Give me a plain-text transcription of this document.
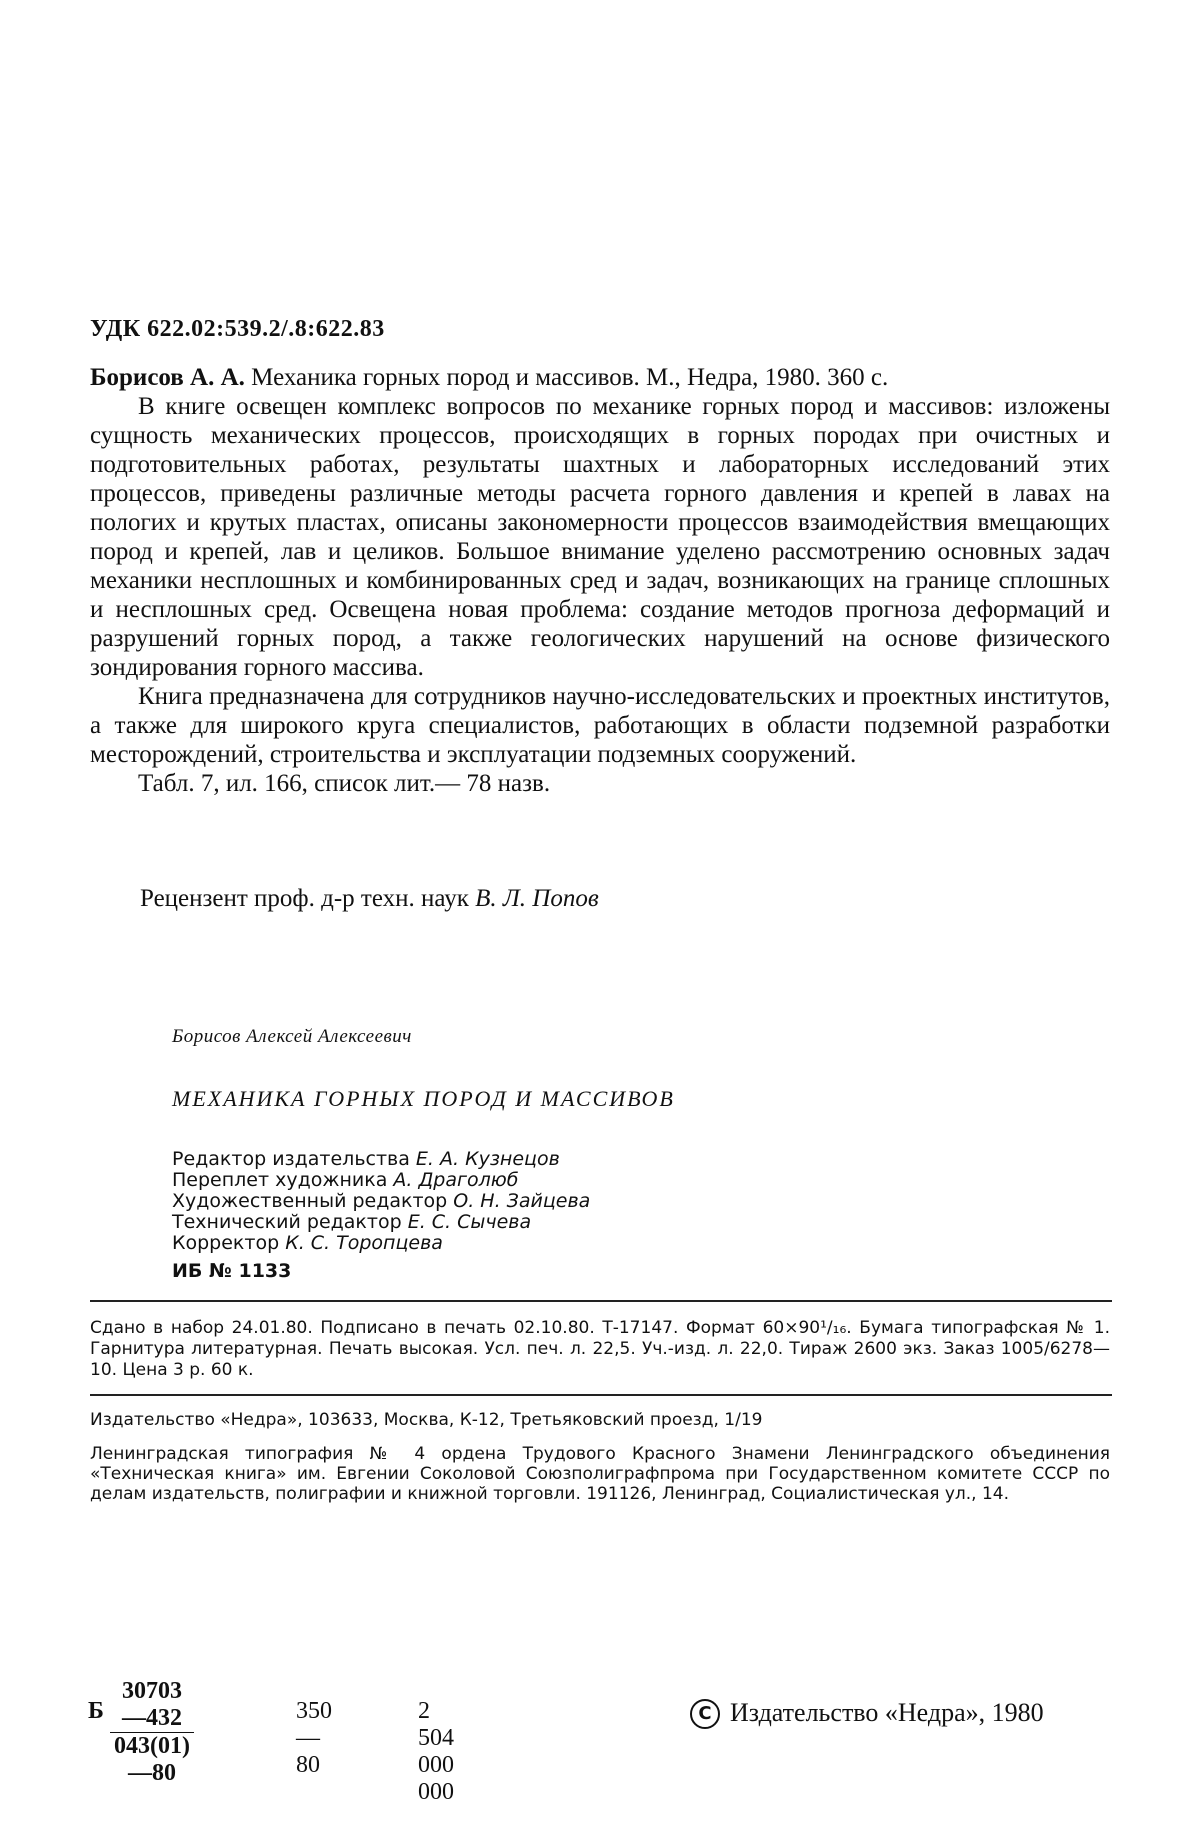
УДК 622.02:539.2/.8:622.83

Борисов А. А. Механика горных пород и массивов. М., Недра, 1980. 360 с.

В книге освещен комплекс вопросов по механике горных пород и массивов: изложены сущность механических процессов, происходящих в горных породах при очистных и подготовительных работах, результаты шахтных и лабораторных исследований этих процессов, приведены различные методы расчета горного давления и крепей в лавах на пологих и крутых пластах, описаны закономерности процессов взаимодействия вмещающих пород и крепей, лав и целиков. Большое внимание уделено рассмотрению основных задач механики несплошных и комбинированных сред и задач, возникающих на границе сплошных и несплошных сред. Освещена новая проблема: создание методов прогноза деформаций и разрушений горных пород, а также геологических нарушений на основе физического зондирования горного массива.

Книга предназначена для сотрудников научно-исследовательских и проектных институтов, а также для широкого круга специалистов, работающих в области подземной разработки месторождений, строительства и эксплуатации подземных сооружений.

Табл. 7, ил. 166, список лит.— 78 назв.

Рецензент проф. д-р техн. наук В. Л. Попов
Борисов Алексей Алексеевич
МЕХАНИКА ГОРНЫХ ПОРОД И МАССИВОВ
Редактор издательства Е. А. Кузнецов
Переплет художника А. Драголюб
Художественный редактор О. Н. Зайцева
Технический редактор Е. С. Сычева
Корректор К. С. Торопцева
ИБ № 1133
Сдано в набор 24.01.80. Подписано в печать 02.10.80. Т-17147. Формат 60×90¹/₁₆. Бумага типографская № 1. Гарнитура литературная. Печать высокая. Усл. печ. л. 22,5. Уч.-изд. л. 22,0. Тираж 2600 экз. Заказ 1005/6278—10. Цена 3 р. 60 к.
Издательство «Недра», 103633, Москва, К-12, Третьяковский проезд, 1/19
Ленинградская типография № 4 ордена Трудового Красного Знамени Ленинградского объединения «Техническая книга» им. Евгении Соколовой Союзполиграфпрома при Государственном комитете СССР по делам издательств, полиграфии и книжной торговли. 191126, Ленинград, Социалистическая ул., 14.
Б $\frac{30703—432}{043(01)—80}$	350—80
2 504 000 000
C Издательство «Недра», 1980
